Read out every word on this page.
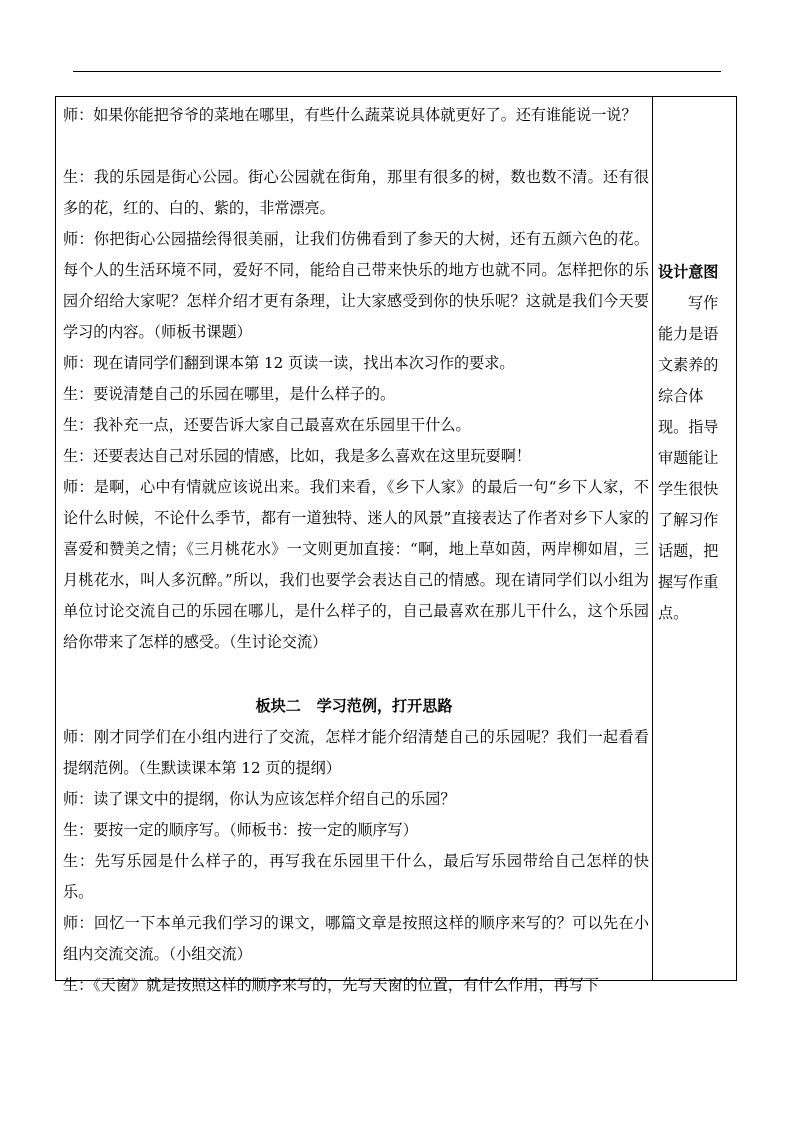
师：如果你能把爷爷的菜地在哪里，有些什么蔬菜说具体就更好了。还有谁能说一说？

生：我的乐园是街心公园。街心公园就在街角，那里有很多的树，数也数不清。还有很多的花，红的、白的、紫的，非常漂亮。

师：你把街心公园描绘得很美丽，让我们仿佛看到了参天的大树，还有五颜六色的花。每个人的生活环境不同，爱好不同，能给自己带来快乐的地方也就不同。怎样把你的乐园介绍给大家呢？怎样介绍才更有条理，让大家感受到你的快乐呢？这就是我们今天要学习的内容。（师板书课题）

师：现在请同学们翻到课本第 12 页读一读，找出本次习作的要求。

生：要说清楚自己的乐园在哪里，是什么样子的。

生：我补充一点，还要告诉大家自己最喜欢在乐园里干什么。

生：还要表达自己对乐园的情感，比如，我是多么喜欢在这里玩耍啊！

师：是啊，心中有情就应该说出来。我们来看，《乡下人家》的最后一句“乡下人家，不论什么时候，不论什么季节，都有一道独特、迷人的风景”直接表达了作者对乡下人家的喜爱和赞美之情；《三月桃花水》一文则更加直接：“啊，地上草如茵，两岸柳如眉，三月桃花水，叫人多沉醉。”所以，我们也要学会表达自己的情感。现在请同学们以小组为单位讨论交流自己的乐园在哪儿，是什么样子的，自己最喜欢在那儿干什么，这个乐园给你带来了怎样的感受。（生讨论交流）

板块二   学习范例，打开思路

师：刚才同学们在小组内进行了交流，怎样才能介绍清楚自己的乐园呢？我们一起看看提纲范例。（生默读课本第 12 页的提纲）

师：读了课文中的提纲，你认为应该怎样介绍自己的乐园？

生：要按一定的顺序写。（师板书：按一定的顺序写）

生：先写乐园是什么样子的，再写我在乐园里干什么，最后写乐园带给自己怎样的快乐。

师：回忆一下本单元我们学习的课文，哪篇文章是按照这样的顺序来写的？可以先在小组内交流交流。（小组交流）

生：《天窗》就是按照这样的顺序来写的，先写天窗的位置，有什么作用，再写下

设计意图

写作能力是语文素养的综合体现。指导审题能让学生很快了解习作话题，把握写作重点。
